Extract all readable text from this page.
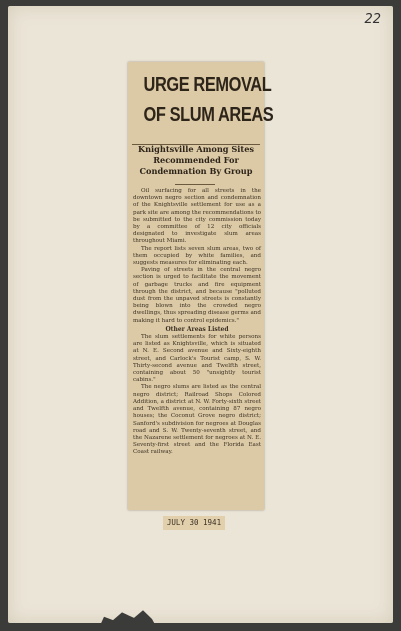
22
URGE REMOVAL
OF SLUM AREAS
Knightsville Among Sites Recommended For Condemnation By Group

Oil surfacing for all streets in the downtown negro section and condemnation of the Knightsville settlement for use as a park site are among the recommendations to be submitted to the city commission today by a committee of 12 city officials designated to investigate slum areas throughout Miami.

The report lists seven slum areas, two of them occupied by white families, and suggests measures for eliminating each.

Paving of streets in the central negro section is urged to facilitate the movement of garbage trucks and fire equipment through the district, and because "polluted dust from the unpaved streets is constantly being blown into the crowded negro dwellings, thus spreading disease germs and making it hard to control epidemics."

Other Areas Listed

The slum settlements for white persons are listed as Knightsville, which is situated at N. E. Second avenue and Sixty-eighth street, and Carlock's Tourist camp, S. W. Thirty-second avenue and Twelfth street, containing about 50 "unsightly tourist cabins."

The negro slums are listed as the central negro district; Railroad Shops Colored Addition, a district at N. W. Forty-sixth street and Twelfth avenue, containing 87 negro houses; the Coconut Grove negro district; Sanford's subdivision for negroes at Douglas road and S. W. Twenty-seventh street, and the Nazarene settlement for negroes at N. E. Seventy-first street and the Florida East Coast railway.

JULY 30 1941
